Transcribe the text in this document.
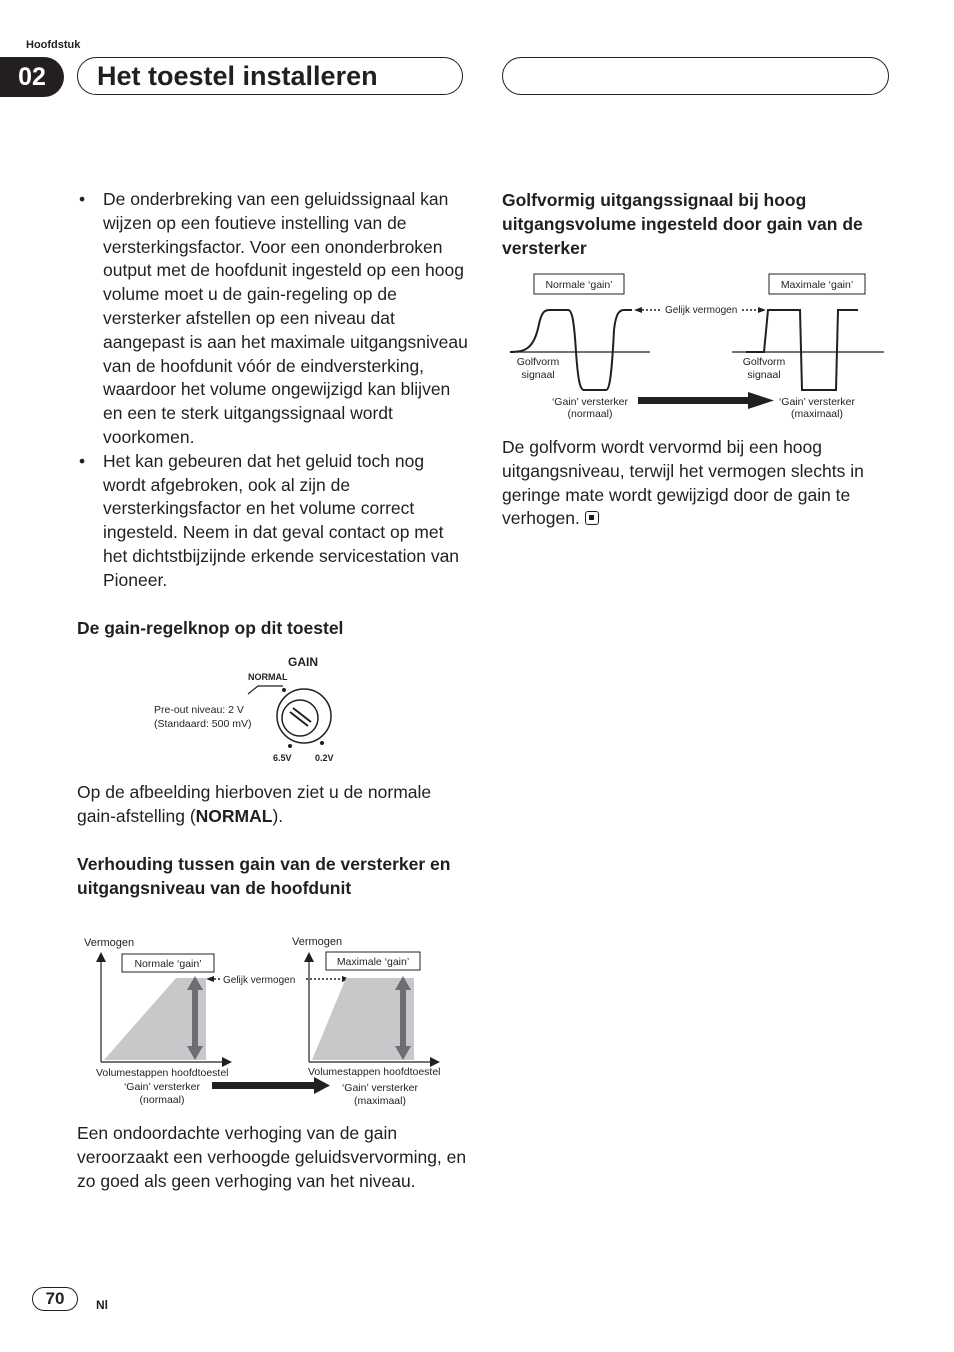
Hoofdstuk
02	Het toestel installeren
• De onderbreking van een geluidssignaal kan wijzen op een foutieve instelling van de versterkingsfactor. Voor een ononderbroken output met de hoofdunit ingesteld op een hoog volume moet u de gain-regeling op de versterker afstellen op een niveau dat aangepast is aan het maximale uitgangsniveau van de hoofdunit vóór de eindversterking, waardoor het volume ongewijzigd kan blijven en een te sterk uitgangssignaal wordt voorkomen.
• Het kan gebeuren dat het geluid toch nog wordt afgebroken, ook al zijn de versterkingsfactor en het volume correct ingesteld. Neem in dat geval contact op met het dichtstbijzijnde erkende servicestation van Pioneer.
De gain-regelknop op dit toestel
GAIN
NORMAL
Pre-out niveau: 2 V
(Standaard: 500 mV)
6.5V	0.2V
Op de afbeelding hierboven ziet u de normale gain-afstelling (NORMAL).
Verhouding tussen gain van de versterker en uitgangsniveau van de hoofdunit
Vermogen
Normale ‘gain’
Gelijk vermogen
Vermogen
Maximale ‘gain’
Volumestappen hoofdtoestel	Volumestappen hoofdtoestel
‘Gain’ versterker
(normaal)
‘Gain’ versterker
(maximaal)
Een ondoordachte verhoging van de gain veroorzaakt een verhoogde geluidsvervorming, en zo goed als geen verhoging van het niveau.
Golfvormig uitgangssignaal bij hoog uitgangsvolume ingesteld door gain van de versterker
Normale ‘gain’	Maximale ‘gain’
Gelijk vermogen
Golfvorm
signaal
Golfvorm
signaal
‘Gain’ versterker
(normaal)
‘Gain’ versterker
(maximaal)
De golfvorm wordt vervormd bij een hoog uitgangsniveau, terwijl het vermogen slechts in geringe mate wordt gewijzigd door de gain te verhogen.
70	Nl
